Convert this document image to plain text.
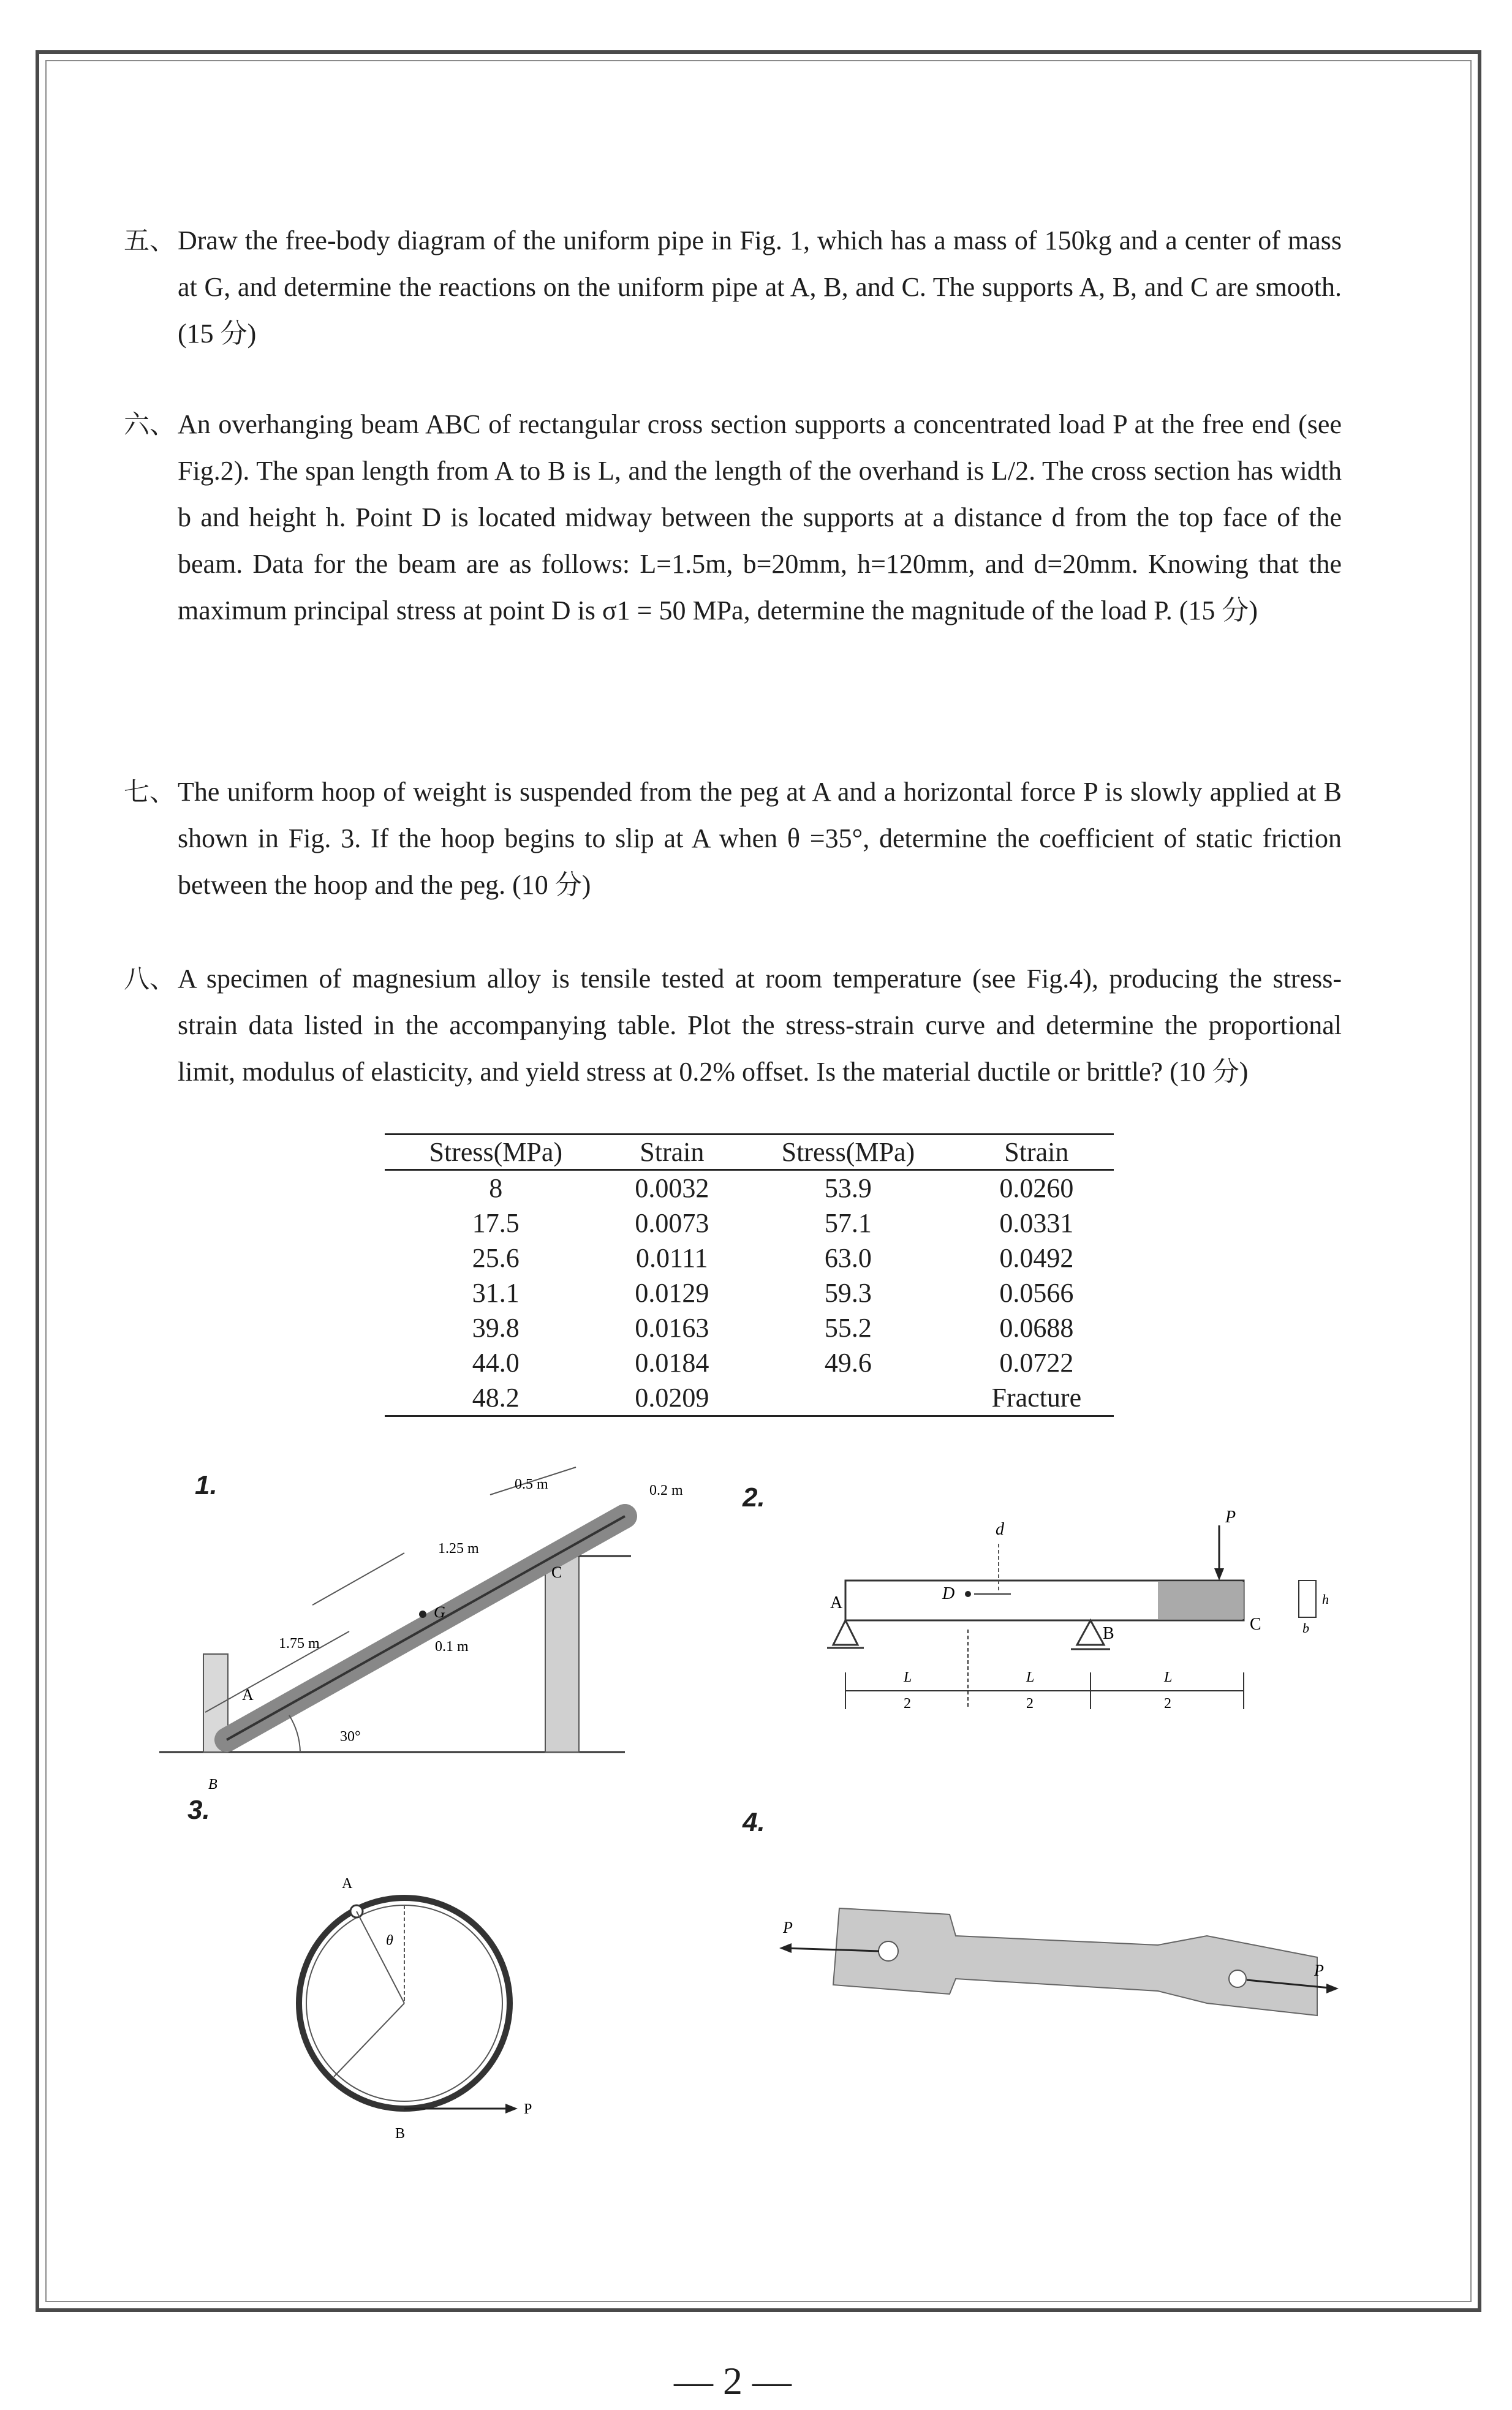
五、 Draw the free-body diagram of the uniform pipe in Fig. 1, which has a mass of 150kg and a center of mass at G, and determine the reactions on the uniform pipe at A, B, and C. The supports A, B, and C are smooth. (15 分)
六、 An overhanging beam ABC of rectangular cross section supports a concentrated load P at the free end (see Fig.2). The span length from A to B is L, and the length of the overhand is L/2. The cross section has width b and height h. Point D is located midway between the supports at a distance d from the top face of the beam. Data for the beam are as follows: L=1.5m, b=20mm, h=120mm, and d=20mm. Knowing that the maximum principal stress at point D is σ1 = 50 MPa, determine the magnitude of the load P. (15 分)
七、 The uniform hoop of weight is suspended from the peg at A and a horizontal force P is slowly applied at B shown in Fig. 3. If the hoop begins to slip at A when θ =35°, determine the coefficient of static friction between the hoop and the peg. (10 分)
八、 A specimen of magnesium alloy is tensile tested at room temperature (see Fig.4), producing the stress-strain data listed in the accompanying table. Plot the stress-strain curve and determine the proportional limit, modulus of elasticity, and yield stress at 0.2% offset. Is the material ductile or brittle? (10 分)
Stress(MPa)	Strain	Stress(MPa)	Strain
8	0.0032	53.9	0.0260
17.5	0.0073	57.1	0.0331
25.6	0.0111	63.0	0.0492
31.1	0.0129	59.3	0.0566
39.8	0.0163	55.2	0.0688
44.0	0.0184	49.6	0.0722
48.2	0.0209		Fracture
1.	2.
3.	4.
G
A
B
C
0.5 m	0.2 m
1.25 m
1.75 m	0.1 m
30°
d
P
D
A
B	C
L
2
L
2
L
2
h
b
A
θ
B
P
P
P
— 2 —
